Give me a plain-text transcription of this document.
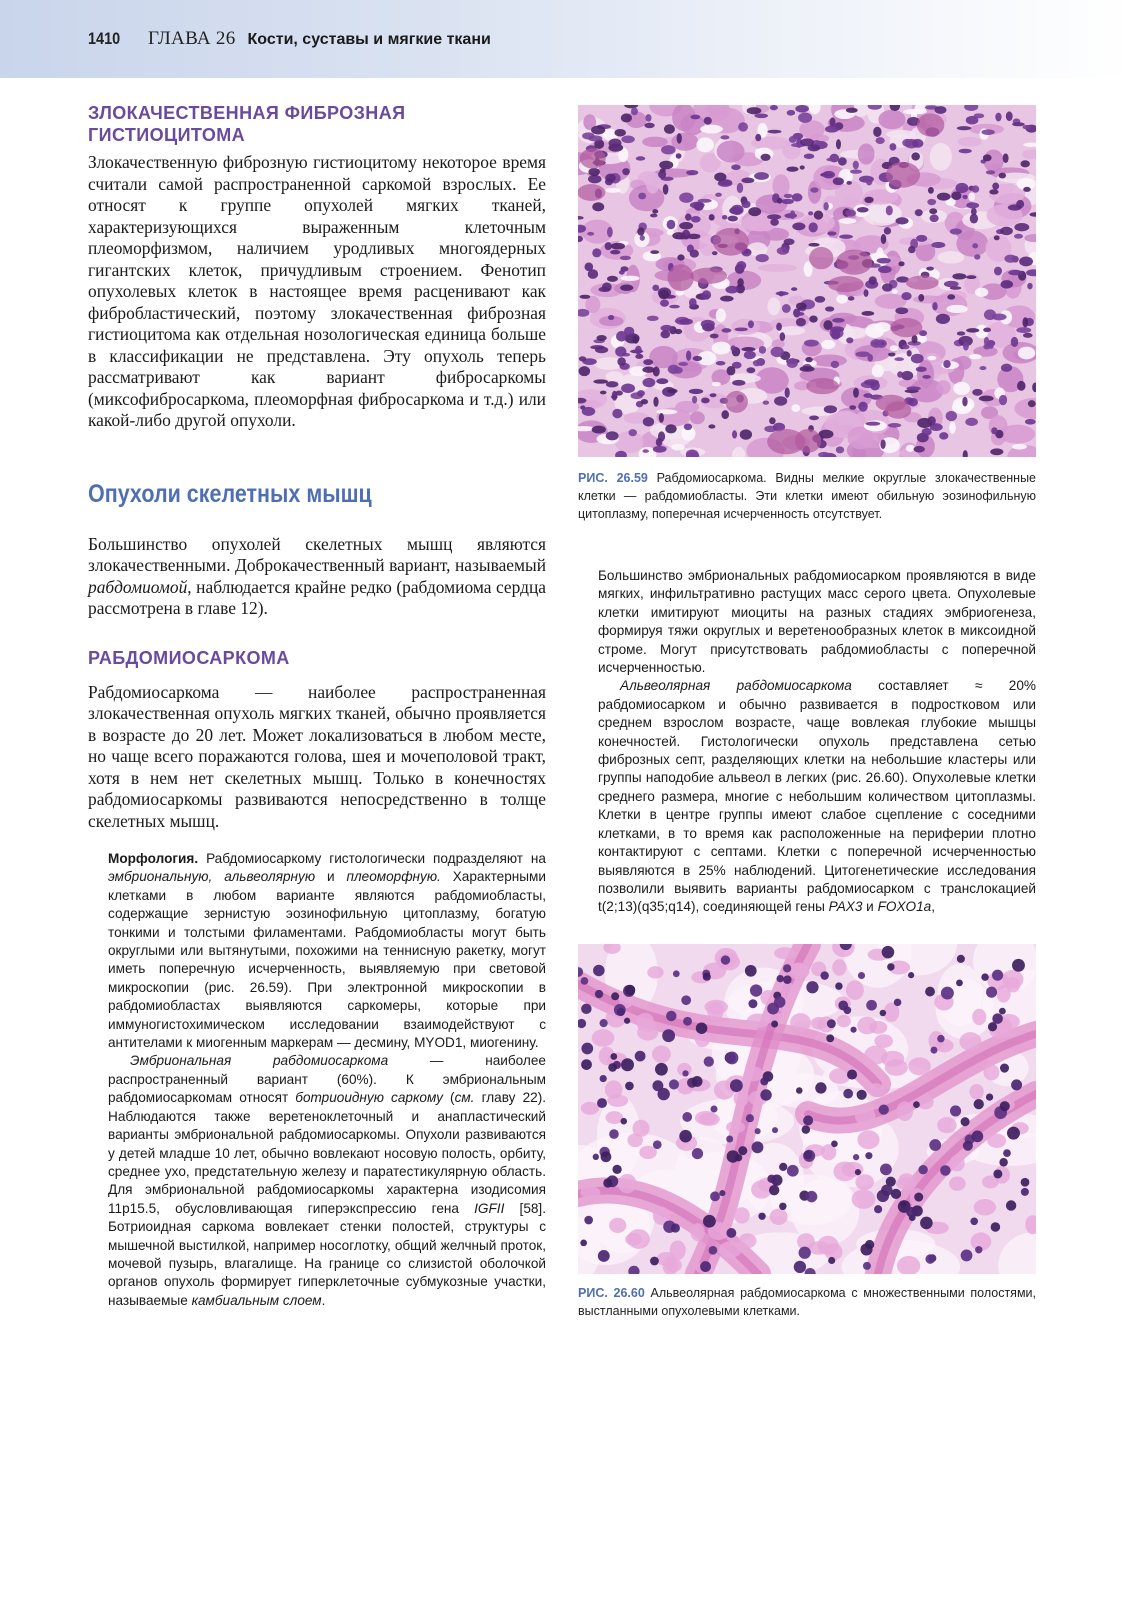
1410 ГЛАВА 26 Кости, суставы и мягкие ткани
ЗЛОКАЧЕСТВЕННАЯ ФИБРОЗНАЯ
ГИСТИОЦИТОМА

Злокачественную фиброзную гистиоцитому некоторое время считали самой распространенной саркомой взрослых. Ее относят к группе опухолей мягких тканей, характеризующихся выраженным клеточным плеоморфизмом, наличием уродливых многоядерных гигантских клеток, причудливым строением. Фенотип опухолевых клеток в настоящее время расценивают как фибробластический, поэтому злокачественная фиброзная гистиоцитома как отдельная нозологическая единица больше в классификации не представлена. Эту опухоль теперь рассматривают как вариант фибросаркомы (миксофибросаркома, плеоморфная фибросаркома и т.д.) или какой-либо другой опухоли.

Опухоли скелетных мышц

Большинство опухолей скелетных мышц являются злокачественными. Доброкачественный вариант, называемый рабдомиомой, наблюдается крайне редко (рабдомиома сердца рассмотрена в главе 12).

РАБДОМИОСАРКОМА

Рабдомиосаркома — наиболее распространенная злокачественная опухоль мягких тканей, обычно проявляется в возрасте до 20 лет. Может локализоваться в любом месте, но чаще всего поражаются голова, шея и мочеполовой тракт, хотя в нем нет скелетных мышц. Только в конечностях рабдомиосаркомы развиваются непосредственно в толще скелетных мышц.

Морфология. Рабдомиосаркому гистологически подразделяют на эмбриональную, альвеолярную и плеоморфную. Характерными клетками в любом варианте являются рабдомиобласты, содержащие зернистую эозинофильную цитоплазму, богатую тонкими и толстыми филаментами. Рабдомиобласты могут быть округлыми или вытянутыми, похожими на теннисную ракетку, могут иметь поперечную исчерченность, выявляемую при световой микроскопии (рис. 26.59). При электронной микроскопии в рабдомиобластах выявляются саркомеры, которые при иммуногистохимическом исследовании взаимодействуют с антителами к миогенным маркерам — десмину, MYOD1, миогенину.

Эмбриональная рабдомиосаркома — наиболее распространенный вариант (60%). К эмбриональным рабдомиосаркомам относят ботриоидную саркому (см. главу 22). Наблюдаются также веретеноклеточный и анапластический варианты эмбриональной рабдомиосаркомы. Опухоли развиваются у детей младше 10 лет, обычно вовлекают носовую полость, орбиту, среднее ухо, предстательную железу и паратестикулярную область. Для эмбриональной рабдомиосаркомы характерна изодисомия 11p15.5, обусловливающая гиперэкспрессию гена IGFII [58]. Ботриоидная саркома вовлекает стенки полостей, структуры с мышечной выстилкой, например носоглотку, общий желчный проток, мочевой пузырь, влагалище. На границе со слизистой оболочкой органов опухоль формирует гиперклеточные субмукозные участки, называемые камбиальным слоем.

РИС. 26.59 Рабдомиосаркома. Видны мелкие округлые злокачественные клетки — рабдомиобласты. Эти клетки имеют обильную эозинофильную цитоплазму, поперечная исчерченность отсутствует.

Большинство эмбриональных рабдомиосарком проявляются в виде мягких, инфильтративно растущих масс серого цвета. Опухолевые клетки имитируют миоциты на разных стадиях эмбриогенеза, формируя тяжи округлых и веретенообразных клеток в миксоидной строме. Могут присутствовать рабдомиобласты с поперечной исчерченностью.

Альвеолярная рабдомиосаркома составляет ≈ 20% рабдомиосарком и обычно развивается в подростковом или среднем взрослом возрасте, чаще вовлекая глубокие мышцы конечностей. Гистологически опухоль представлена сетью фиброзных септ, разделяющих клетки на небольшие кластеры или группы наподобие альвеол в легких (рис. 26.60). Опухолевые клетки среднего размера, многие с небольшим количеством цитоплазмы. Клетки в центре группы имеют слабое сцепление с соседними клетками, в то время как расположенные на периферии плотно контактируют с септами. Клетки с поперечной исчерченностью выявляются в 25% наблюдений. Цитогенетические исследования позволили выявить варианты рабдомиосарком с транслокацией t(2;13)(q35;q14), соединяющей гены PAX3 и FOXO1a,

РИС. 26.60 Альвеолярная рабдомиосаркома с множественными полостями, выстланными опухолевыми клетками.
